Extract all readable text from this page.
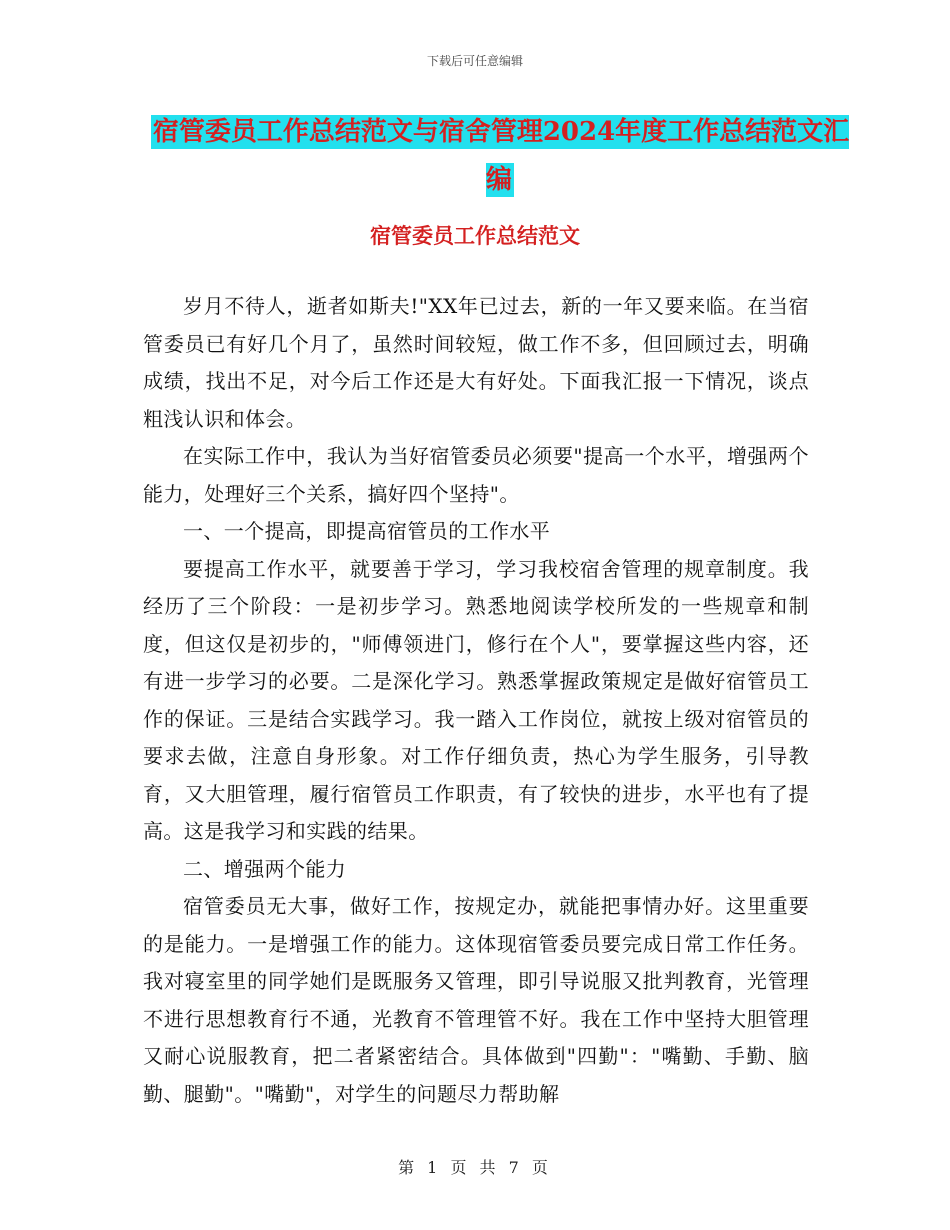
下载后可任意编辑
宿管委员工作总结范文与宿舍管理2024年度工作总结范文汇编
宿管委员工作总结范文

岁月不待人，逝者如斯夫!"XX年已过去，新的一年又要来临。在当宿管委员已有好几个月了，虽然时间较短，做工作不多，但回顾过去，明确成绩，找出不足，对今后工作还是大有好处。下面我汇报一下情况，谈点粗浅认识和体会。

在实际工作中，我认为当好宿管委员必须要"提高一个水平，增强两个能力，处理好三个关系，搞好四个坚持"。

一、一个提高，即提高宿管员的工作水平

要提高工作水平，就要善于学习，学习我校宿舍管理的规章制度。我经历了三个阶段：一是初步学习。熟悉地阅读学校所发的一些规章和制度，但这仅是初步的，"师傅领进门，修行在个人"，要掌握这些内容，还有进一步学习的必要。二是深化学习。熟悉掌握政策规定是做好宿管员工作的保证。三是结合实践学习。我一踏入工作岗位，就按上级对宿管员的要求去做，注意自身形象。对工作仔细负责，热心为学生服务，引导教育，又大胆管理，履行宿管员工作职责，有了较快的进步，水平也有了提高。这是我学习和实践的结果。

二、增强两个能力

宿管委员无大事，做好工作，按规定办，就能把事情办好。这里重要的是能力。一是增强工作的能力。这体现宿管委员要完成日常工作任务。我对寝室里的同学她们是既服务又管理，即引导说服又批判教育，光管理不进行思想教育行不通，光教育不管理管不好。我在工作中坚持大胆管理又耐心说服教育，把二者紧密结合。具体做到"四勤"："嘴勤、手勤、脑勤、腿勤"。"嘴勤"，对学生的问题尽力帮助解

第 1 页 共 7 页
